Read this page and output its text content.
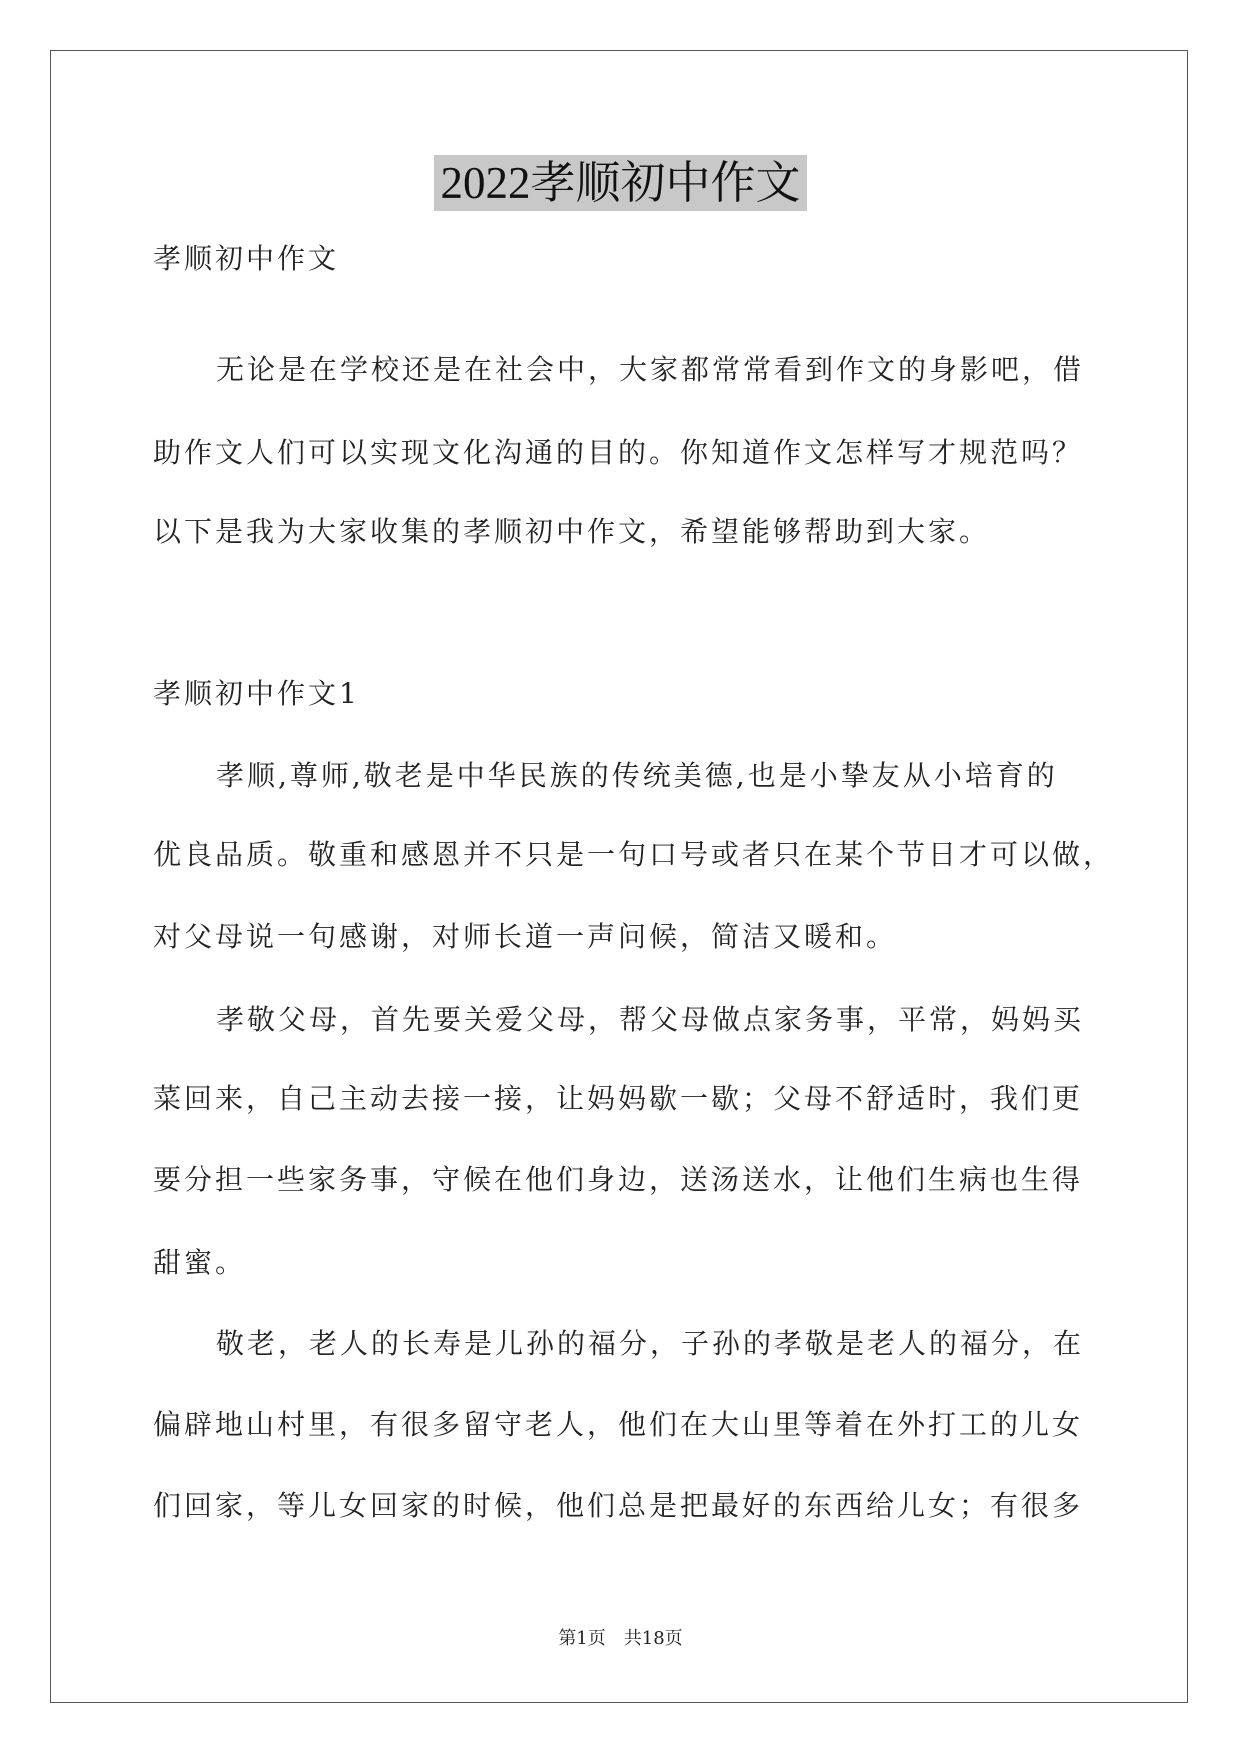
2022孝顺初中作文
孝顺初中作文
无论是在学校还是在社会中，大家都常常看到作文的身影吧，借
助作文人们可以实现文化沟通的目的。你知道作文怎样写才规范吗？
以下是我为大家收集的孝顺初中作文，希望能够帮助到大家。
孝顺初中作文1
孝顺,尊师,敬老是中华民族的传统美德,也是小挚友从小培育的
优良品质。敬重和感恩并不只是一句口号或者只在某个节日才可以做，
对父母说一句感谢，对师长道一声问候，简洁又暖和。
孝敬父母，首先要关爱父母，帮父母做点家务事，平常，妈妈买
菜回来，自己主动去接一接，让妈妈歇一歇；父母不舒适时，我们更
要分担一些家务事，守候在他们身边，送汤送水，让他们生病也生得
甜蜜。
敬老，老人的长寿是儿孙的福分，子孙的孝敬是老人的福分，在
偏辟地山村里，有很多留守老人，他们在大山里等着在外打工的儿女
们回家，等儿女回家的时候，他们总是把最好的东西给儿女；有很多
第1页　共18页
